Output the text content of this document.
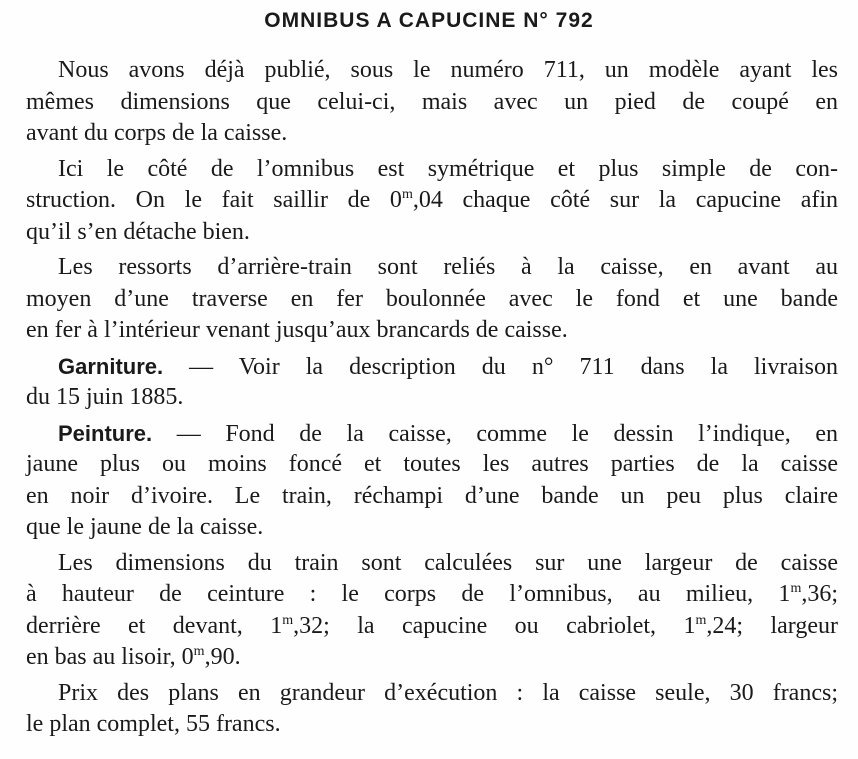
OMNIBUS A CAPUCINE N° 792
Nous avons déjà publié, sous le numéro 711, un modèle ayant les
mêmes dimensions que celui-ci, mais avec un pied de coupé en
avant du corps de la caisse.
Ici le côté de l’omnibus est symétrique et plus simple de con-
struction. On le fait saillir de 0$^m$,04 chaque côté sur la capucine afin
qu’il s’en détache bien.
Les ressorts d’arrière-train sont reliés à la caisse, en avant au
moyen d’une traverse en fer boulonnée avec le fond et une bande
en fer à l’intérieur venant jusqu’aux brancards de caisse.
Garniture. — Voir la description du n° 711 dans la livraison
du 15 juin 1885.
Peinture. — Fond de la caisse, comme le dessin l’indique, en
jaune plus ou moins foncé et toutes les autres parties de la caisse
en noir d’ivoire. Le train, réchampi d’une bande un peu plus claire
que le jaune de la caisse.
Les dimensions du train sont calculées sur une largeur de caisse
à hauteur de ceinture : le corps de l’omnibus, au milieu, 1$^m$,36;
derrière et devant, 1$^m$,32; la capucine ou cabriolet, 1$^m$,24; largeur
en bas au lisoir, 0$^m$,90.
Prix des plans en grandeur d’exécution : la caisse seule, 30 francs;
le plan complet, 55 francs.
